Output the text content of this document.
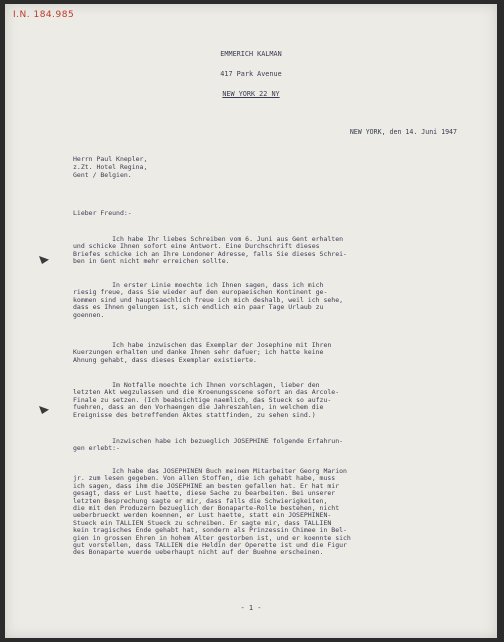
I.N. 184.985
EMMERICH KALMAN
417 Park Avenue
NEW YORK 22 NY
NEW YORK, den 14. Juni 1947
Herrn Paul Knepler,
z.Zt. Hotel Regina,
Gent / Belgien.
Lieber Freund:-
Ich habe Ihr liebes Schreiben vom 6. Juni aus Gent erhalten
und schicke Ihnen sofort eine Antwort. Eine Durchschrift dieses
Briefes schicke ich an Ihre Londoner Adresse, falls Sie dieses Schrei-
ben in Gent nicht mehr erreichen sollte.
In erster Linie moechte ich Ihnen sagen, dass ich mich
riesig freue, dass Sie wieder auf den europaeischen Kontinent ge-
kommen sind und hauptsaechlich freue ich mich deshalb, weil ich sehe,
dass es Ihnen gelungen ist, sich endlich ein paar Tage Urlaub zu
goennen.
Ich habe inzwischen das Exemplar der Josephine mit Ihren
Kuerzungen erhalten und danke Ihnen sehr dafuer; ich hatte keine
Ahnung gehabt, dass dieses Exemplar existierte.
Im Notfalle moechte ich Ihnen vorschlagen, lieber den
letzten Akt wegzulassen und die Kroenungsscene sofort an das Arcole-
Finale zu setzen. (Ich beabsichtige naemlich, das Stueck so aufzu-
fuehren, dass an den Vorhaengen die Jahreszahlen, in welchem die
Ereignisse des betreffenden Aktes stattfinden, zu sehen sind.)
Inzwischen habe ich bezueglich JOSEPHINE folgende Erfahrun-
gen erlebt:-
Ich habe das JOSEPHINEN Buch meinem Mitarbeiter Georg Marion
jr. zum lesen gegeben. Von allen Stoffen, die ich gehabt habe, muss
ich sagen, dass ihm die JOSEPHINE am besten gefallen hat. Er hat mir
gesagt, dass er Lust haette, diese Sache zu bearbeiten. Bei unserer
letzten Besprechung sagte er mir, dass falls die Schwierigkeiten,
die mit den Produzern bezueglich der Bonaparte-Rolle bestehen, nicht
ueberbrueckt werden koennen, er Lust haette, statt ein JOSEPHINEN-
Stueck ein TALLIEN Stueck zu schreiben. Er sagte mir, dass TALLIEN
kein tragisches Ende gehabt hat, sondern als Prinzessin Chimee in Bel-
gien in grossen Ehren in hohem Alter gestorben ist, und er koennte sich
gut vorstellen, dass TALLIEN die Heldin der Operette ist und die Figur
des Bonaparte wuerde ueberhaupt nicht auf der Buehne erscheinen.
- 1 -
